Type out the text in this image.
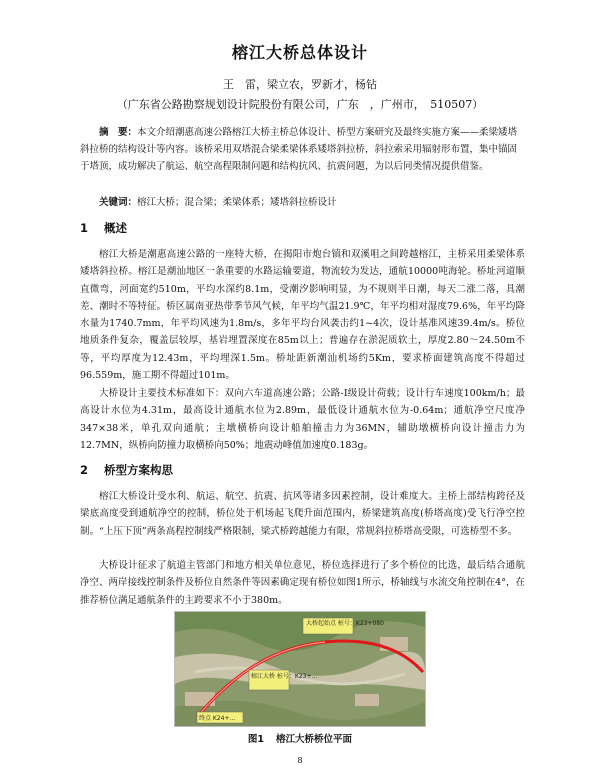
榕江大桥总体设计
王　雷，梁立农，罗新才，杨钻
（广东省公路勘察规划设计院股份有限公司，广东　，广州市，　510507）

摘　要：本文介绍潮惠高速公路榕江大桥主桥总体设计、桥型方案研究及最终实施方案——柔梁矮塔斜拉桥的结构设计等内容。该桥采用双塔混合梁柔梁体系矮塔斜拉桥，斜拉索采用辐射形布置，集中锚固于塔顶，成功解决了航运、航空高程限制问题和结构抗风、抗震问题，为以后同类情况提供借鉴。

关键词：榕江大桥；混合梁；柔梁体系；矮塔斜拉桥设计

1 概述

榕江大桥是潮惠高速公路的一座特大桥，在揭阳市炮台镇和双溪咀之间跨越榕江，主桥采用柔梁体系矮塔斜拉桥。榕江是潮汕地区一条重要的水路运输要道，物流较为发达，通航10000吨海轮。桥址河道顺直微弯，河面宽约510m，平均水深约8.1m，受潮汐影响明显，为不规则半日潮，每天二涨二落，具潮差、潮时不等特征。桥区属南亚热带季节风气候，年平均气温21.9℃，年平均相对湿度79.6%，年平均降水量为1740.7mm，年平均风速为1.8m/s，多年平均台风袭击约1~4次，设计基准风速39.4m/s。桥位地质条件复杂，覆盖层较厚，基岩埋置深度在85m以上；普遍存在淤泥质软土，厚度2.80～24.50m不等，平均厚度为12.43m，平均埋深1.5m。桥址距新潮汕机场约5Km，要求桥面建筑高度不得超过96.559m，施工期不得超过101m。

大桥设计主要技术标准如下：双向六车道高速公路；公路-Ⅰ级设计荷载；设计行车速度100km/h；最高设计水位为4.31m，最高设计通航水位为2.89m，最低设计通航水位为-0.64m；通航净空尺度净347×38米，单孔双向通航；主墩横桥向设计船舶撞击力为36MN，辅助墩横桥向设计撞击力为12.7MN，纵桥向防撞力取横桥向50%；地震动峰值加速度0.183g。

2 桥型方案构思

榕江大桥设计受水利、航运、航空、抗震、抗风等诸多因素控制，设计难度大。主桥上部结构跨径及梁底高度受到通航净空的控制，桥位处于机场起飞爬升面范围内，桥梁建筑高度(桥塔高度)受飞行净空控制。“上压下顶”两条高程控制线严格限制，梁式桥跨越能力有限，常规斜拉桥塔高受限，可选桥型不多。

大桥设计征求了航道主管部门和地方相关单位意见，桥位选择进行了多个桥位的比选，最后结合通航净空、两岸接线控制条件及桥位自然条件等因素确定现有桥位如图1所示，桥轴线与水流交角控制在4°，在推荐桥位满足通航条件的主跨要求不小于380m。

大桥起始点 桩号：K23+080
榕江大桥 桩号：K23+…
终点 K24+…
图1 榕江大桥桥位平面
8
